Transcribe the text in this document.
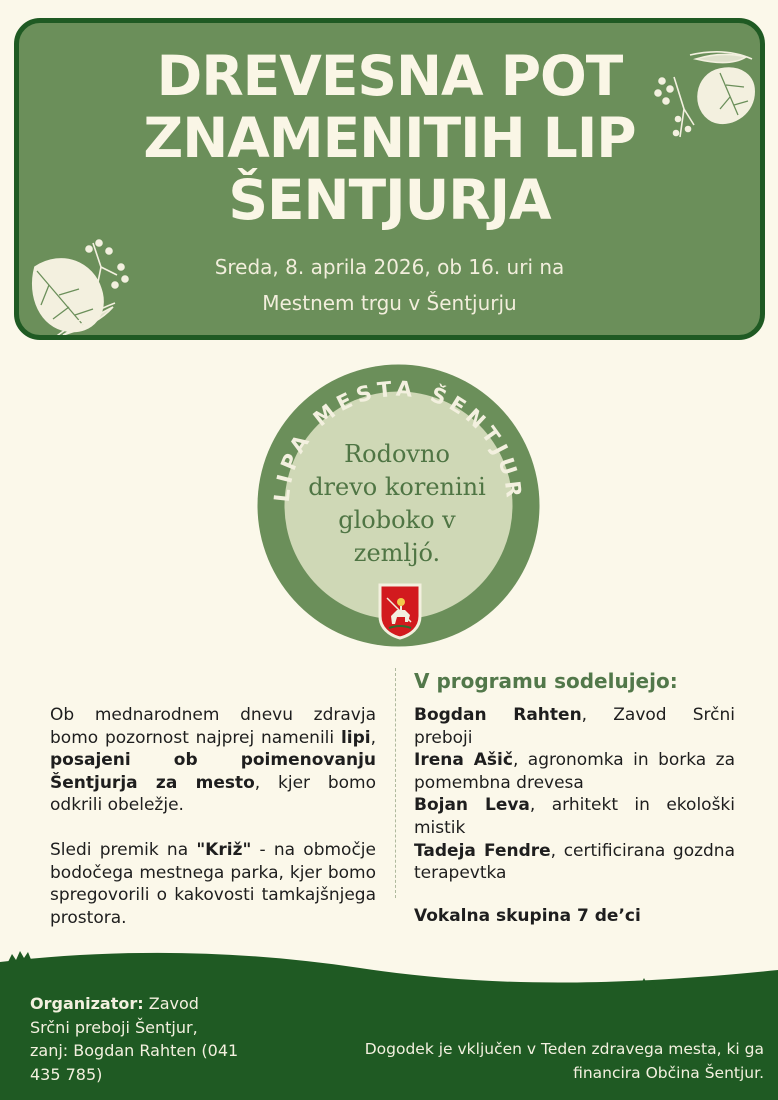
DREVESNA POT
ZNAMENITIH LIP
ŠENTJURJA
Sreda, 8. aprila 2026, ob 16. uri na
Mestnem trgu v Šentjurju
LIPA MESTA ŠENTJUR
Rodovno
drevo korenini
globoko v
zemljó.

Ob mednarodnem dnevu zdravja bomo pozornost najprej namenili lipi, posajeni ob poimenovanju Šentjurja za mesto, kjer bomo odkrili obeležje.

Sledi premik na "Križ" - na območje bodočega mestnega parka, kjer bomo spregovorili o kakovosti tamkajšnjega prostora.

V programu sodelujejo:
Bogdan Rahten, Zavod Srčni preboji
Irena Ašič, agronomka in borka za pomembna drevesa
Bojan Leva, arhitekt in ekološki mistik
Tadeja Fendre, certificirana gozdna terapevtka
Vokalna skupina 7 de’ci
Organizator: Zavod Srčni preboji Šentjur, zanj: Bogdan Rahten (041 435 785)
Dogodek je vključen v Teden zdravega mesta, ki ga financira Občina Šentjur.
